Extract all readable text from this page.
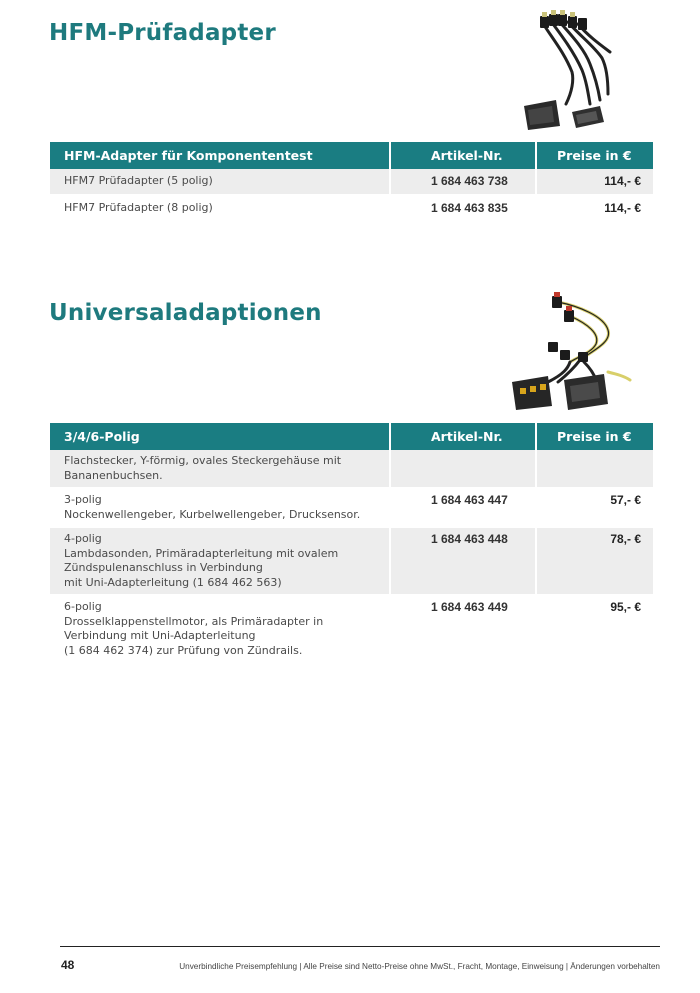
HFM-Prüfadapter
HFM-Adapter für Komponententest	Artikel-Nr.	Preise in €
HFM7 Prüfadapter (5 polig)	1 684 463 738	114,- €
HFM7 Prüfadapter (8 polig)	1 684 463 835	114,- €
Universaladaptionen
3/4/6-Polig	Artikel-Nr.	Preise in €
Flachstecker, Y-förmig, ovales Steckergehäuse mit
Bananenbuchsen.		
3-polig
Nockenwellengeber, Kurbelwellengeber, Drucksensor.	1 684 463 447	57,- €
4-polig
Lambdasonden, Primäradapterleitung mit ovalem
Zündspulenanschluss in Verbindung
mit Uni-Adapterleitung (1 684 462 563)	1 684 463 448	78,- €
6-polig
Drosselklappenstellmotor, als Primäradapter in
Verbindung mit Uni-Adapterleitung
(1 684 462 374) zur Prüfung von Zündrails.	1 684 463 449	95,- €
48	Unverbindliche Preisempfehlung | Alle Preise sind Netto-Preise ohne MwSt., Fracht, Montage, Einweisung | Änderungen vorbehalten
